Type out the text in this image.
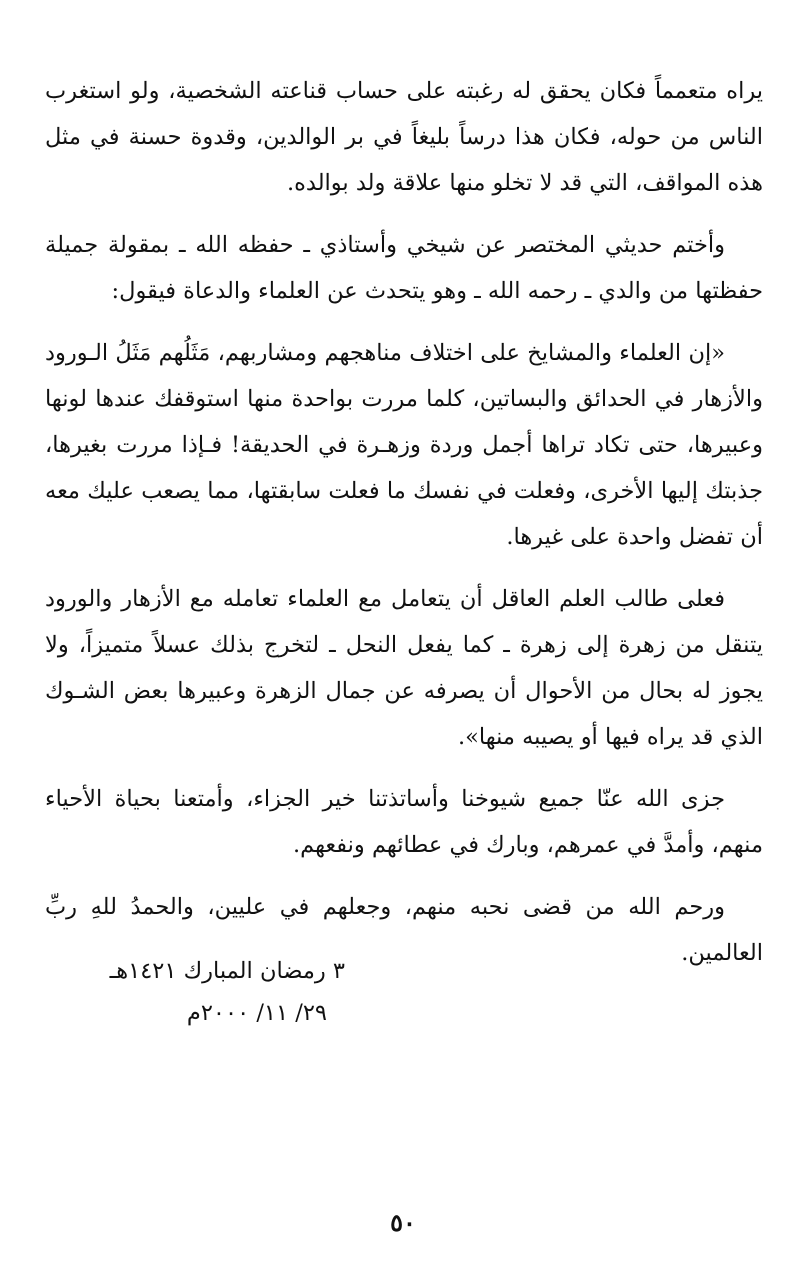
يراه متعمماً فكان يحقق له رغبته على حساب قناعته الشخصية، ولو استغرب الناس من حوله، فكان هذا درساً بليغاً في بر الوالدين، وقدوة حسنة في مثل هذه المواقف، التي قد لا تخلو منها علاقة ولد بوالده.

وأختم حديثي المختصر عن شيخي وأستاذي ـ حفظه الله ـ بمقولة جميلة حفظتها من والدي ـ رحمه الله ـ وهو يتحدث عن العلماء والدعاة فيقول:

«إن العلماء والمشايخ على اختلاف مناهجهم ومشاربهم، مَثَلُهم مَثَلُ الـورود والأزهار في الحدائق والبساتين، كلما مررت بواحدة منها استوقفك عندها لونها وعبيرها، حتى تكاد تراها أجمل وردة وزهـرة في الحديقة! فـإذا مررت بغيرها، جذبتك إليها الأخرى، وفعلت في نفسك ما فعلت سابقتها، مما يصعب عليك معه أن تفضل واحدة على غيرها.

فعلى طالب العلم العاقل أن يتعامل مع العلماء تعامله مع الأزهار والورود يتنقل من زهرة إلى زهرة ـ كما يفعل النحل ـ لتخرج بذلك عسلاً متميزاً، ولا يجوز له بحال من الأحوال أن يصرفه عن جمال الزهرة وعبيرها بعض الشـوك الذي قد يراه فيها أو يصيبه منها».

جزى الله عنّا جميع شيوخنا وأساتذتنا خير الجزاء، وأمتعنا بحياة الأحياء منهم، وأمدَّ في عمرهم، وبارك في عطائهم ونفعهم.

ورحم الله من قضى نحبه منهم، وجعلهم في عليين، والحمدُ للهِ ربِّ العالمين.

٣ رمضان المبارك ١٤٢١هـ
٢٩/ ١١/ ٢٠٠٠م
٥٠
